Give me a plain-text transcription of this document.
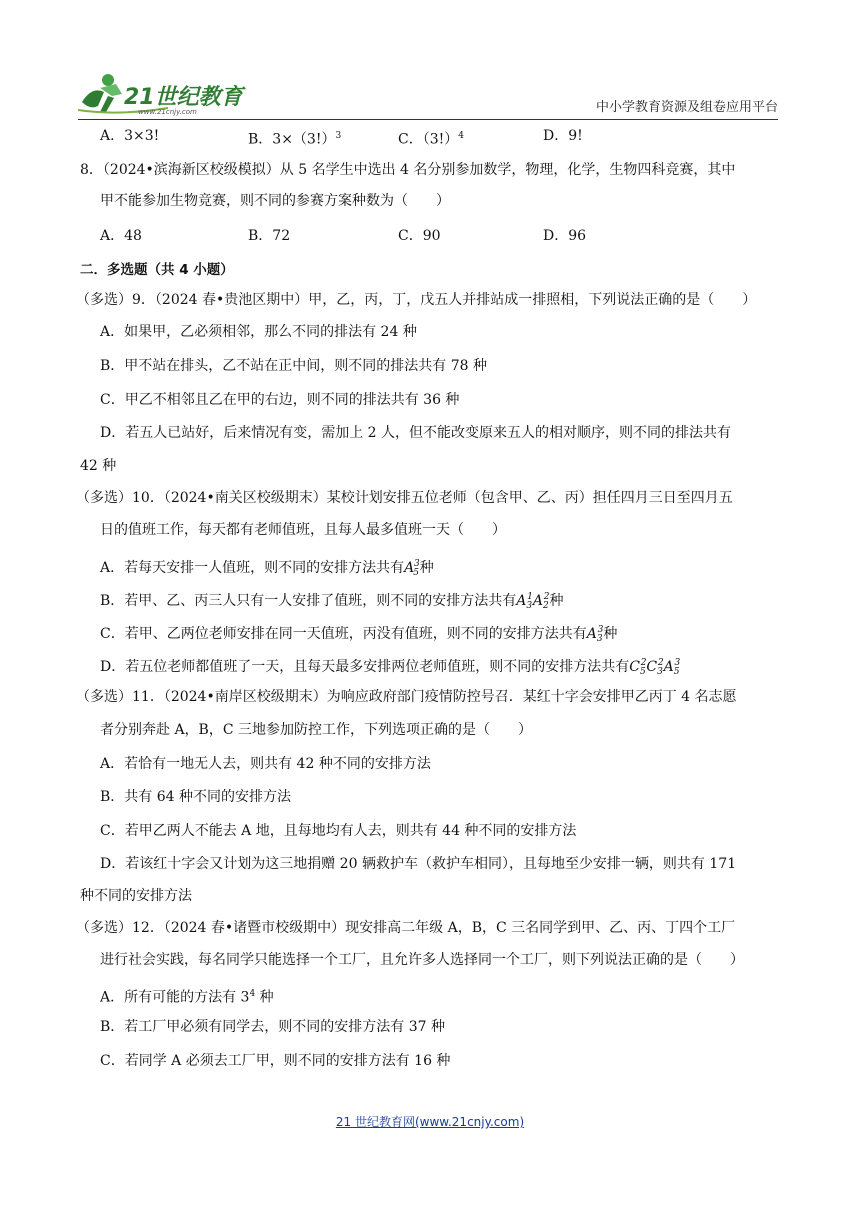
21世纪教育
www.21cnjy.com	中小学教育资源及组卷应用平台
A．3×3!	B．$3\times(3!)^3$	C．$(3!)^4$	D．9!
8．（2024•滨海新区校级模拟）从 5 名学生中选出 4 名分别参加数学，物理，化学，生物四科竞赛，其中
甲不能参加生物竞赛，则不同的参赛方案种数为（　　）
A．48	B．72	C．90	D．96
二．多选题（共 4 小题）
（多选）9．（2024 春•贵池区期中）甲，乙，丙，丁，戊五人并排站成一排照相，下列说法正确的是（　　）
A．如果甲，乙必须相邻，那么不同的排法有 24 种
B．甲不站在排头，乙不站在正中间，则不同的排法共有 78 种
C．甲乙不相邻且乙在甲的右边，则不同的排法共有 36 种
D．若五人已站好，后来情况有变，需加上 2 人，但不能改变原来五人的相对顺序，则不同的排法共有
42 种
（多选）10．（2024•南关区校级期末）某校计划安排五位老师（包含甲、乙、丙）担任四月三日至四月五
日的值班工作，每天都有老师值班，且每人最多值班一天（　　）
A．若每天安排一人值班，则不同的安排方法共有$A_5^3$种
B．若甲、乙、丙三人只有一人安排了值班，则不同的安排方法共有$A_3^1A_2^2$种
C．若甲、乙两位老师安排在同一天值班，丙没有值班，则不同的安排方法共有$A_3^3$种
D．若五位老师都值班了一天，且每天最多安排两位老师值班，则不同的安排方法共有$C_5^2C_3^2A_5^3$
（多选）11．（2024•南岸区校级期末）为响应政府部门疫情防控号召．某红十字会安排甲乙丙丁 4 名志愿
者分别奔赴 A，B，C 三地参加防控工作，下列选项正确的是（　　）
A．若恰有一地无人去，则共有 42 种不同的安排方法
B．共有 64 种不同的安排方法
C．若甲乙两人不能去 A 地，且每地均有人去，则共有 44 种不同的安排方法
D．若该红十字会又计划为这三地捐赠 20 辆救护车（救护车相同），且每地至少安排一辆，则共有 171
种不同的安排方法
（多选）12．（2024 春•诸暨市校级期中）现安排高二年级 A，B，C 三名同学到甲、乙、丙、丁四个工厂
进行社会实践，每名同学只能选择一个工厂，且允许多人选择同一个工厂，则下列说法正确的是（　　）
A．所有可能的方法有 $3^4$ 种
B．若工厂甲必须有同学去，则不同的安排方法有 37 种
C．若同学 A 必须去工厂甲，则不同的安排方法有 16 种
21 世纪教育网(www.21cnjy.com)
